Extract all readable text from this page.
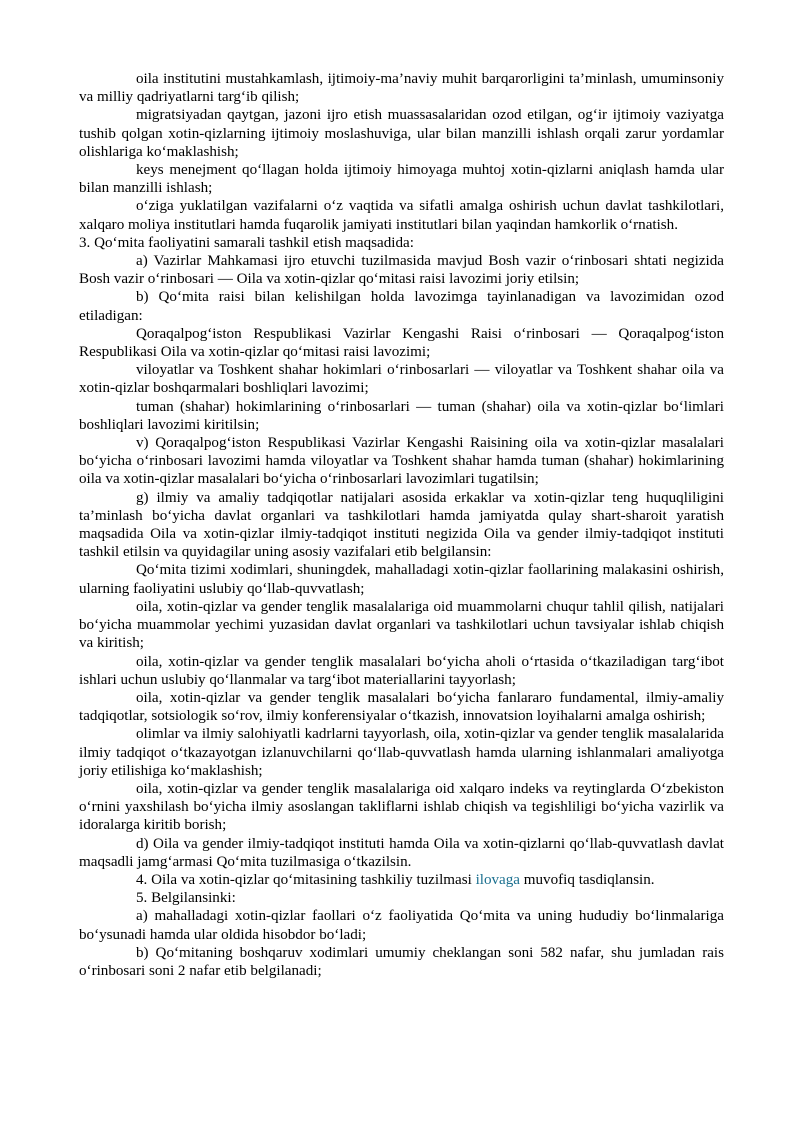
oila institutini mustahkamlash, ijtimoiy-ma’naviy muhit barqarorligini ta’minlash, umuminsoniy va milliy qadriyatlarni targ‘ib qilish;

migratsiyadan qaytgan, jazoni ijro etish muassasalaridan ozod etilgan, og‘ir ijtimoiy vaziyatga tushib qolgan xotin-qizlarning ijtimoiy moslashuviga, ular bilan manzilli ishlash orqali zarur yordamlar olishlariga ko‘maklashish;

keys menejment qo‘llagan holda ijtimoiy himoyaga muhtoj xotin-qizlarni aniqlash hamda ular bilan manzilli ishlash;

o‘ziga yuklatilgan vazifalarni o‘z vaqtida va sifatli amalga oshirish uchun davlat tashkilotlari, xalqaro moliya institutlari hamda fuqarolik jamiyati institutlari bilan yaqindan hamkorlik o‘rnatish.

3. Qo‘mita faoliyatini samarali tashkil etish maqsadida:

a) Vazirlar Mahkamasi ijro etuvchi tuzilmasida mavjud Bosh vazir o‘rinbosari shtati negizida Bosh vazir o‘rinbosari — Oila va xotin-qizlar qo‘mitasi raisi lavozimi joriy etilsin;

b) Qo‘mita raisi bilan kelishilgan holda lavozimga tayinlanadigan va lavozimidan ozod etiladigan:

Qoraqalpog‘iston Respublikasi Vazirlar Kengashi Raisi o‘rinbosari — Qoraqalpog‘iston Respublikasi Oila va xotin-qizlar qo‘mitasi raisi lavozimi;

viloyatlar va Toshkent shahar hokimlari o‘rinbosarlari — viloyatlar va Toshkent shahar oila va xotin-qizlar boshqarmalari boshliqlari lavozimi;

tuman (shahar) hokimlarining o‘rinbosarlari — tuman (shahar) oila va xotin-qizlar bo‘limlari boshliqlari lavozimi kiritilsin;

v) Qoraqalpog‘iston Respublikasi Vazirlar Kengashi Raisining oila va xotin-qizlar masalalari bo‘yicha o‘rinbosari lavozimi hamda viloyatlar va Toshkent shahar hamda tuman (shahar) hokimlarining oila va xotin-qizlar masalalari bo‘yicha o‘rinbosarlari lavozimlari tugatilsin;

g) ilmiy va amaliy tadqiqotlar natijalari asosida erkaklar va xotin-qizlar teng huquqliligini ta’minlash bo‘yicha davlat organlari va tashkilotlari hamda jamiyatda qulay shart-sharoit yaratish maqsadida Oila va xotin-qizlar ilmiy-tadqiqot instituti negizida Oila va gender ilmiy-tadqiqot instituti tashkil etilsin va quyidagilar uning asosiy vazifalari etib belgilansin:

Qo‘mita tizimi xodimlari, shuningdek, mahalladagi xotin-qizlar faollarining malakasini oshirish, ularning faoliyatini uslubiy qo‘llab-quvvatlash;

oila, xotin-qizlar va gender tenglik masalalariga oid muammolarni chuqur tahlil qilish, natijalari bo‘yicha muammolar yechimi yuzasidan davlat organlari va tashkilotlari uchun tavsiyalar ishlab chiqish va kiritish;

oila, xotin-qizlar va gender tenglik masalalari bo‘yicha aholi o‘rtasida o‘tkaziladigan targ‘ibot ishlari uchun uslubiy qo‘llanmalar va targ‘ibot materiallarini tayyorlash;

oila, xotin-qizlar va gender tenglik masalalari bo‘yicha fanlararo fundamental, ilmiy-amaliy tadqiqotlar, sotsiologik so‘rov, ilmiy konferensiyalar o‘tkazish, innovatsion loyihalarni amalga oshirish;

olimlar va ilmiy salohiyatli kadrlarni tayyorlash, oila, xotin-qizlar va gender tenglik masalalarida ilmiy tadqiqot o‘tkazayotgan izlanuvchilarni qo‘llab-quvvatlash hamda ularning ishlanmalari amaliyotga joriy etilishiga ko‘maklashish;

oila, xotin-qizlar va gender tenglik masalalariga oid xalqaro indeks va reytinglarda O‘zbekiston o‘rnini yaxshilash bo‘yicha ilmiy asoslangan takliflarni ishlab chiqish va tegishliligi bo‘yicha vazirlik va idoralarga kiritib borish;

d) Oila va gender ilmiy-tadqiqot instituti hamda Oila va xotin-qizlarni qo‘llab-quvvatlash davlat maqsadli jamg‘armasi Qo‘mita tuzilmasiga o‘tkazilsin.

4. Oila va xotin-qizlar qo‘mitasining tashkiliy tuzilmasi ilovaga muvofiq tasdiqlansin.

5. Belgilansinki:

a) mahalladagi xotin-qizlar faollari o‘z faoliyatida Qo‘mita va uning hududiy bo‘linmalariga bo‘ysunadi hamda ular oldida hisobdor bo‘ladi;

b) Qo‘mitaning boshqaruv xodimlari umumiy cheklangan soni 582 nafar, shu jumladan rais o‘rinbosari soni 2 nafar etib belgilanadi;
